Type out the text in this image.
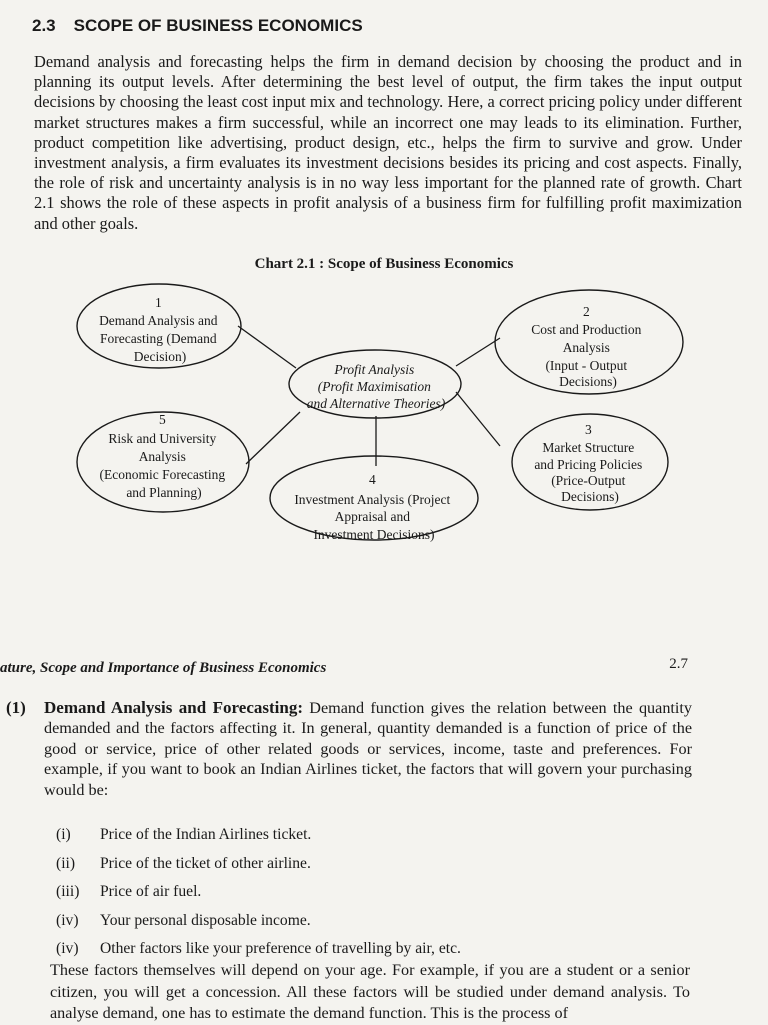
2.3 SCOPE OF BUSINESS ECONOMICS
Demand analysis and forecasting helps the firm in demand decision by choosing the product and in planning its output levels. After determining the best level of output, the firm takes the input output decisions by choosing the least cost input mix and technology. Here, a correct pricing policy under different market structures makes a firm successful, while an incorrect one may leads to its elimination. Further, product competition like advertising, product design, etc., helps the firm to survive and grow. Under investment analysis, a firm evaluates its investment decisions besides its pricing and cost aspects. Finally, the role of risk and uncertainty analysis is in no way less important for the planned rate of growth. Chart 2.1 shows the role of these aspects in profit analysis of a business firm for fulfilling profit maximization and other goals.
Chart 2.1 : Scope of Business Economics
Profit Analysis (Profit Maximisation and Alternative Theories)
1 Demand Analysis and Forecasting (Demand Decision)
2 Cost and Production Analysis (Input - Output Decisions)
3 Market Structure and Pricing Policies (Price-Output Decisions)
4 Investment Analysis (Project Appraisal and Investment Decisions)
5 Risk and University Analysis (Economic Forecasting and Planning)
ature, Scope and Importance of Business Economics	2.7
(1) Demand Analysis and Forecasting: Demand function gives the relation between the quantity demanded and the factors affecting it. In general, quantity demanded is a function of price of the good or service, price of other related goods or services, income, taste and preferences. For example, if you want to book an Indian Airlines ticket, the factors that will govern your purchasing would be:
(i) Price of the Indian Airlines ticket.
(ii) Price of the ticket of other airline.
(iii) Price of air fuel.
(iv) Your personal disposable income.
(iv) Other factors like your preference of travelling by air, etc.
These factors themselves will depend on your age. For example, if you are a student or a senior citizen, you will get a concession. All these factors will be studied under demand analysis. To analyse demand, one has to estimate the demand function. This is the process of
